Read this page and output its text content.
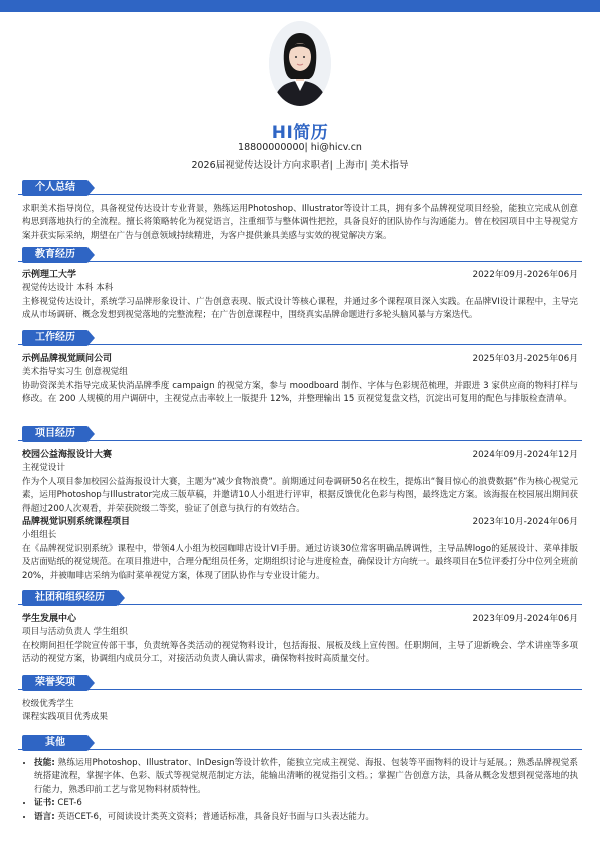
HI简历
18800000000| hi@hicv.cn
2026届视觉传达设计方向求职者| 上海市| 美术指导
个人总结
求职美术指导岗位，具备视觉传达设计专业背景，熟练运用Photoshop、Illustrator等设计工具，拥有多个品牌视觉项目经验，能独立完成从创意构思到落地执行的全流程。擅长将策略转化为视觉语言，注重细节与整体调性把控，具备良好的团队协作与沟通能力。曾在校园项目中主导视觉方案并获实际采纳，期望在广告与创意领域持续精进，为客户提供兼具美感与实效的视觉解决方案。
教育经历
示例理工大学	2022年09月-2026年06月
视觉传达设计 本科 本科
主修视觉传达设计，系统学习品牌形象设计、广告创意表现、版式设计等核心课程，并通过多个课程项目深入实践。在品牌VI设计课程中，主导完成从市场调研、概念发想到视觉落地的完整流程；在广告创意课程中，围绕真实品牌命题进行多轮头脑风暴与方案迭代。
工作经历
示例品牌视觉顾问公司	2025年03月-2025年06月
美术指导实习生 创意视觉组
协助资深美术指导完成某快消品牌季度 campaign 的视觉方案，参与 moodboard 制作、字体与色彩规范梳理，并跟进 3 家供应商的物料打样与修改。在 200 人规模的用户调研中，主视觉点击率较上一版提升 12%，并整理输出 15 页视觉复盘文档，沉淀出可复用的配色与排版检查清单。
项目经历
校园公益海报设计大赛	2024年09月-2024年12月
主视觉设计
作为个人项目参加校园公益海报设计大赛，主题为“减少食物浪费”。前期通过问卷调研50名在校生，提炼出“餐目惊心的浪费数据”作为核心视觉元素，运用Photoshop与Illustrator完成三版草稿，并邀请10人小组进行评审，根据反馈优化色彩与构图，最终选定方案。该海报在校园展出期间获得超过200人次观看，并荣获院级二等奖，验证了创意与执行的有效结合。
品牌视觉识别系统课程项目	2023年10月-2024年06月
小组组长
在《品牌视觉识别系统》课程中，带领4人小组为校园咖啡店设计VI手册。通过访谈30位常客明确品牌调性，主导品牌logo的延展设计、菜单排版及店面贴纸的视觉规范。在项目推进中，合理分配组员任务，定期组织讨论与进度检查，确保设计方向统一。最终项目在5位评委打分中位列全班前20%，并被咖啡店采纳为临时菜单视觉方案，体现了团队协作与专业设计能力。
社团和组织经历
学生发展中心	2023年09月-2024年06月
项目与活动负责人 学生组织
在校期间担任学院宣传部干事，负责统筹各类活动的视觉物料设计，包括海报、展板及线上宣传图。任职期间，主导了迎新晚会、学术讲座等多项活动的视觉方案，协调组内成员分工，对接活动负责人确认需求，确保物料按时高质量交付。
荣誉奖项
校级优秀学生
课程实践项目优秀成果
其他
• 技能: 熟练运用Photoshop、Illustrator、InDesign等设计软件，能独立完成主视觉、海报、包装等平面物料的设计与延展。；熟悉品牌视觉系统搭建流程，掌握字体、色彩、版式等视觉规范制定方法，能输出清晰的视觉指引文档。；掌握广告创意方法，具备从概念发想到视觉落地的执行能力，熟悉印前工艺与常见物料材质特性。
• 证书: CET-6
• 语言: 英语CET-6，可阅读设计类英文资料；普通话标准，具备良好书面与口头表达能力。
